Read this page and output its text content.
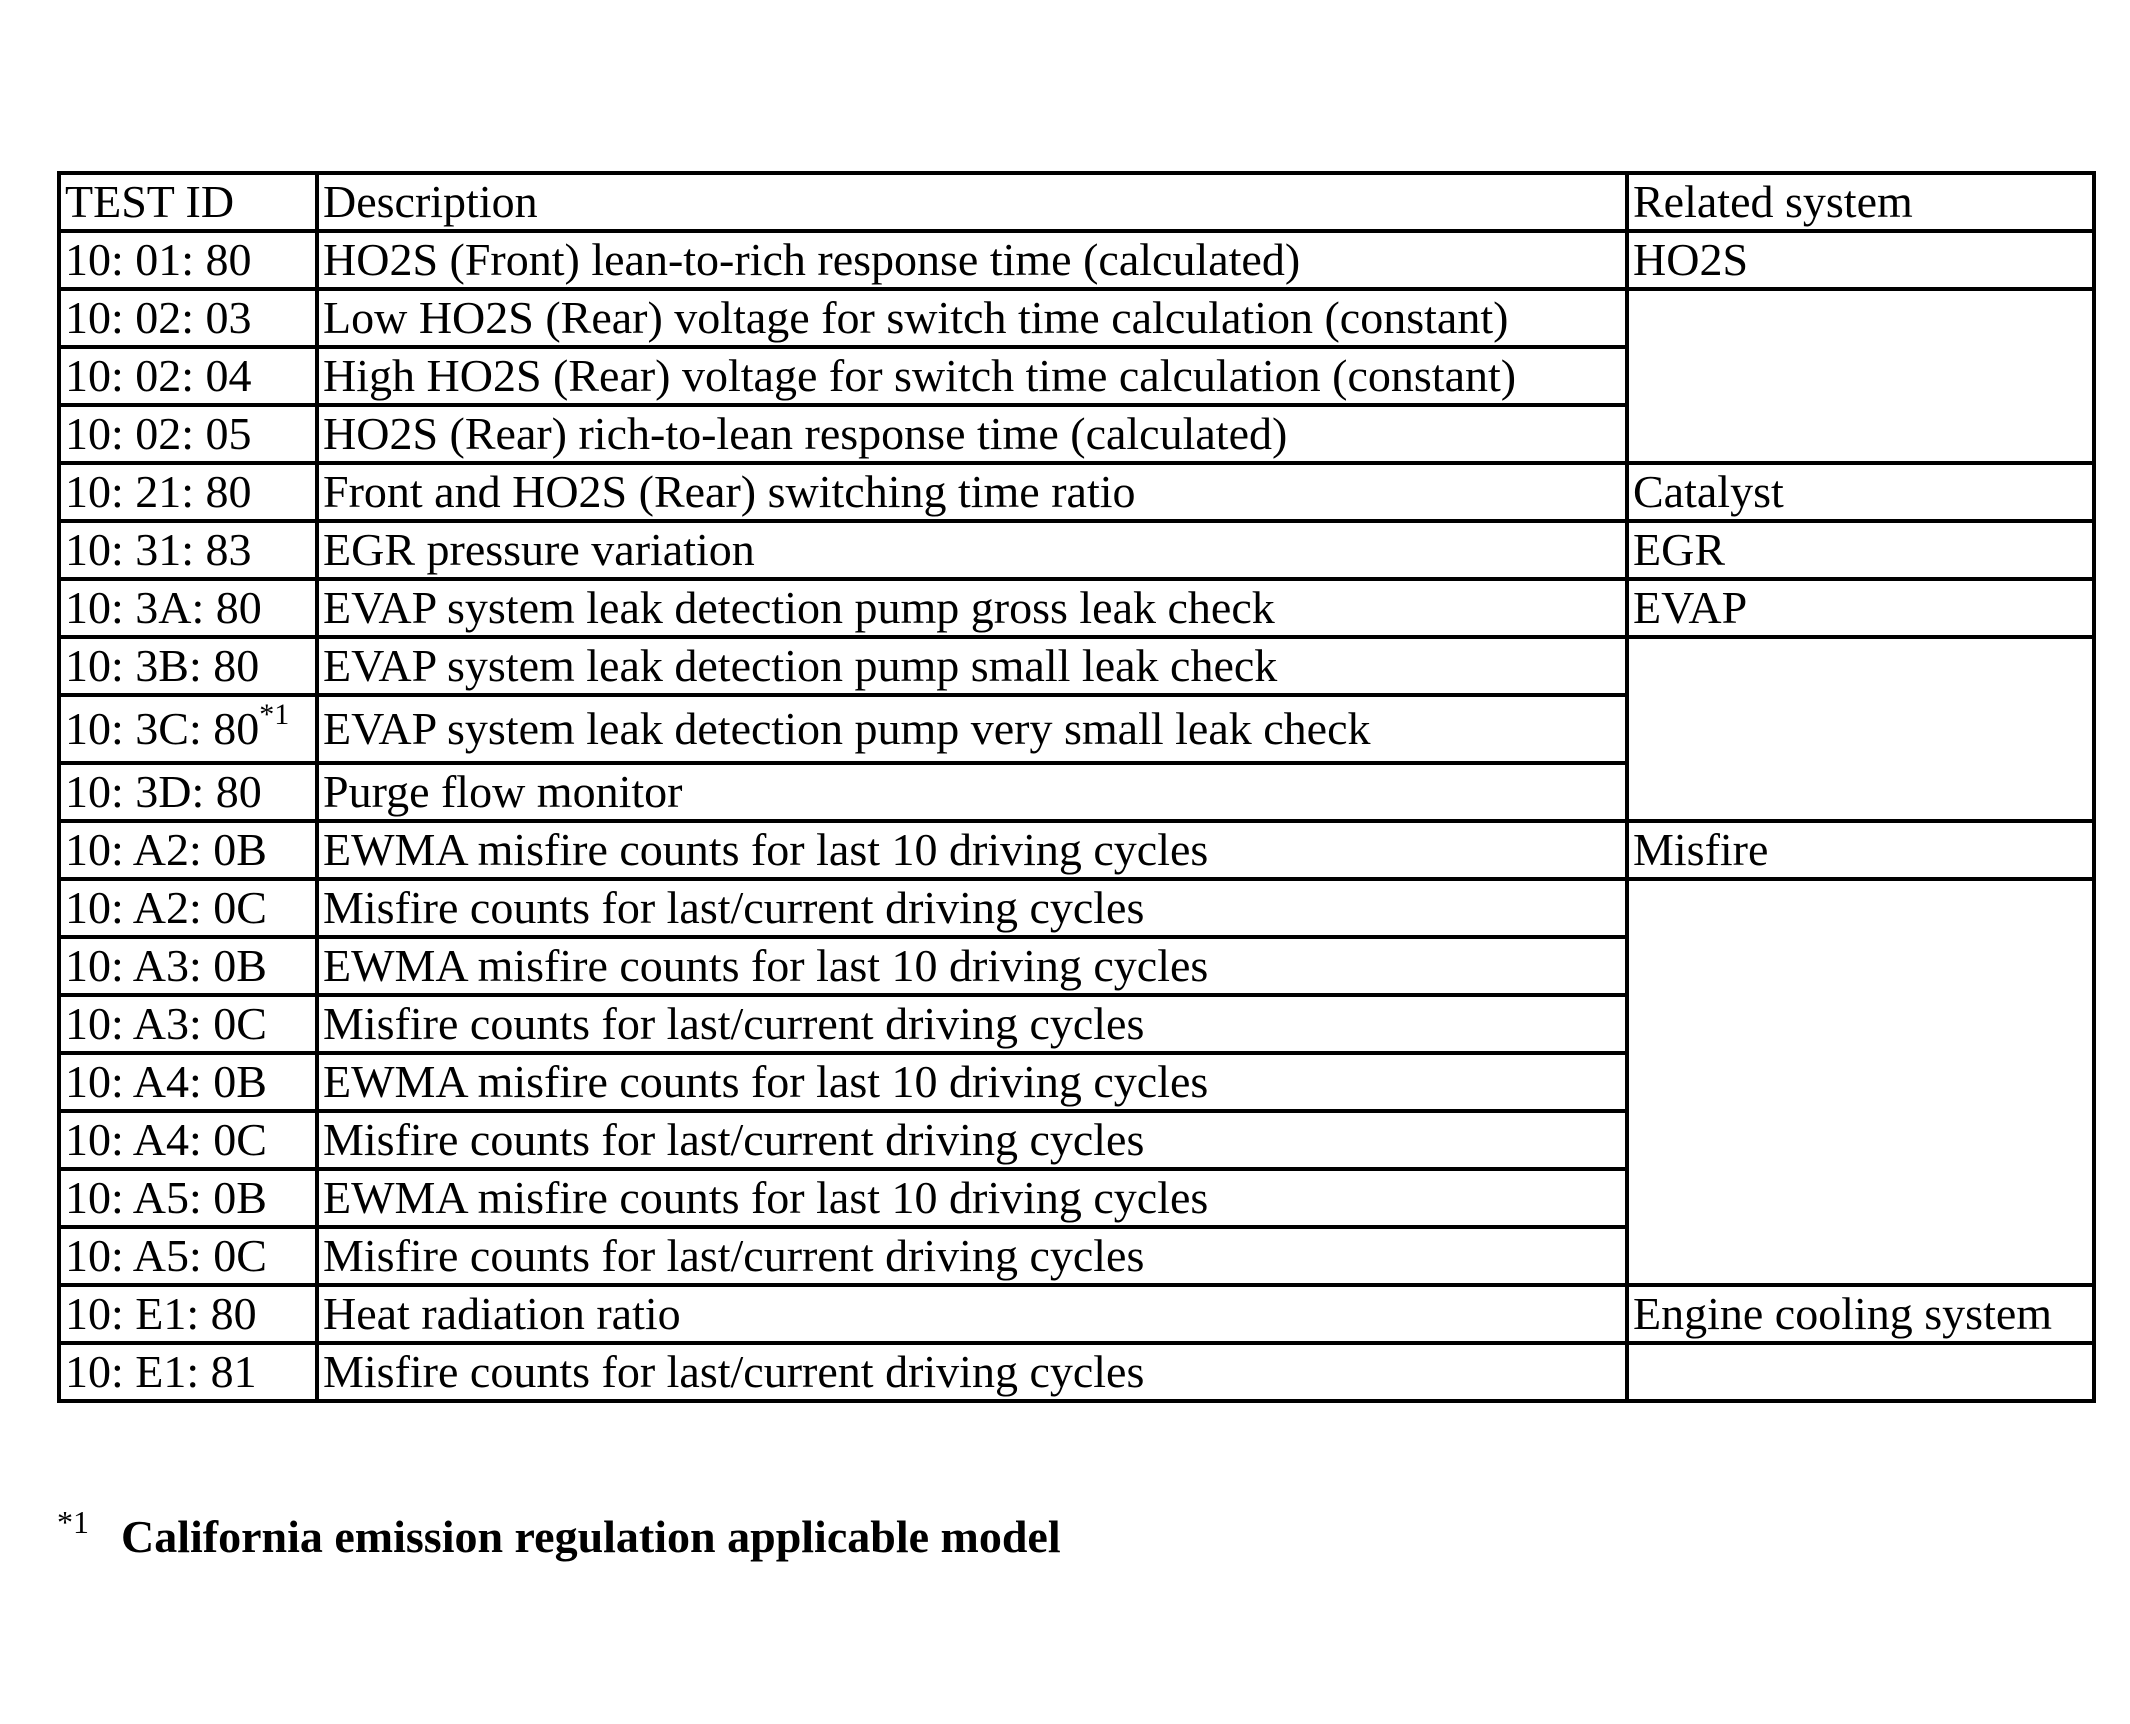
TEST ID	Description	Related system
10: 01: 80	HO2S (Front) lean-to-rich response time (calculated)	HO2S
10: 02: 03	Low HO2S (Rear) voltage for switch time calculation (constant)	
10: 02: 04	High HO2S (Rear) voltage for switch time calculation (constant)	
10: 02: 05	HO2S (Rear) rich-to-lean response time (calculated)	
10: 21: 80	Front and HO2S (Rear) switching time ratio	Catalyst
10: 31: 83	EGR pressure variation	EGR
10: 3A: 80	EVAP system leak detection pump gross leak check	EVAP
10: 3B: 80	EVAP system leak detection pump small leak check	
10: 3C: 80$^{*1}$	EVAP system leak detection pump very small leak check	
10: 3D: 80	Purge flow monitor	
10: A2: 0B	EWMA misfire counts for last 10 driving cycles	Misfire
10: A2: 0C	Misfire counts for last/current driving cycles	
10: A3: 0B	EWMA misfire counts for last 10 driving cycles	
10: A3: 0C	Misfire counts for last/current driving cycles	
10: A4: 0B	EWMA misfire counts for last 10 driving cycles	
10: A4: 0C	Misfire counts for last/current driving cycles	
10: A5: 0B	EWMA misfire counts for last 10 driving cycles	
10: A5: 0C	Misfire counts for last/current driving cycles	
10: E1: 80	Heat radiation ratio	Engine cooling system
10: E1: 81	Misfire counts for last/current driving cycles	
$^{*1}$ California emission regulation applicable model
